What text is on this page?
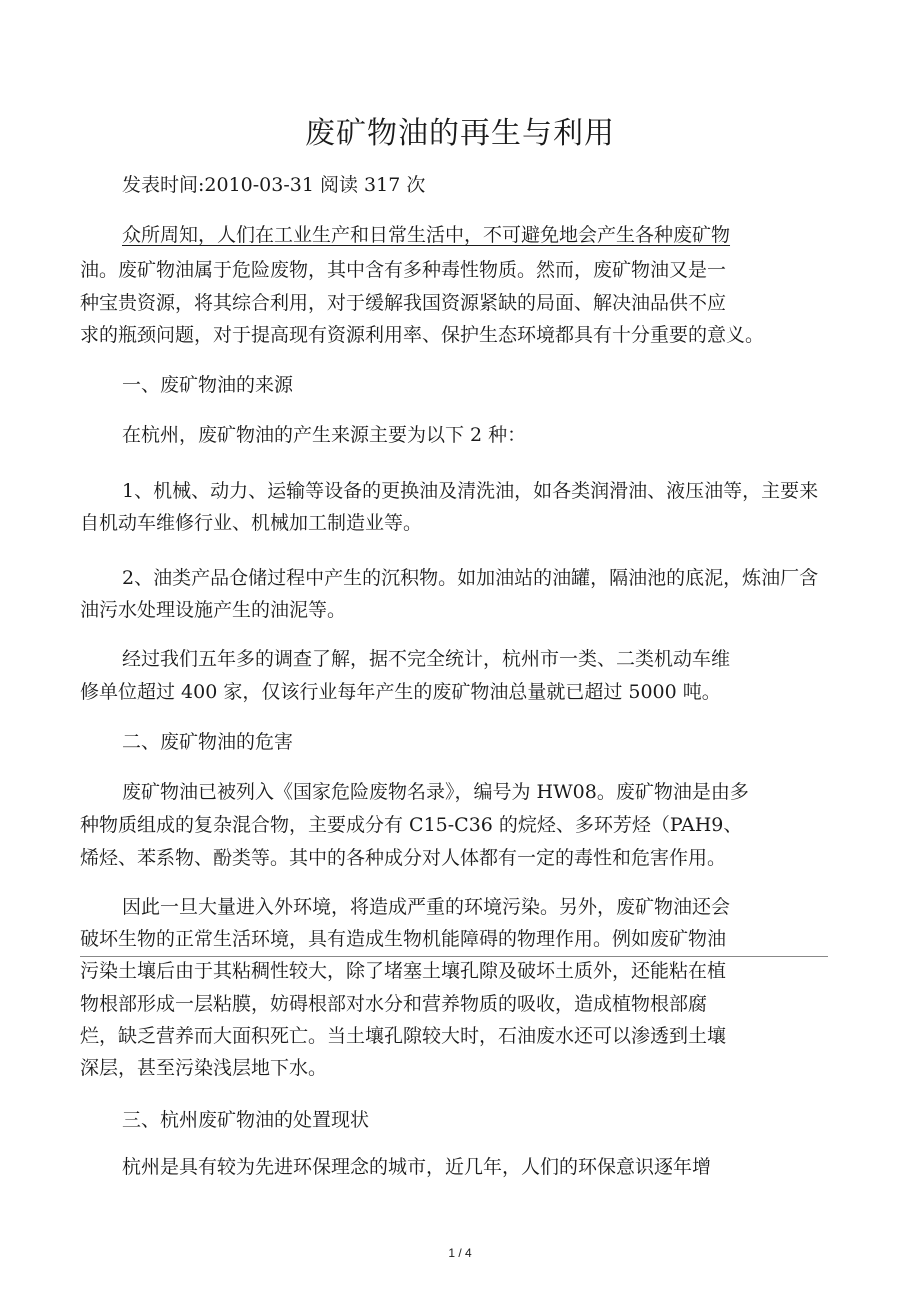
废矿物油的再生与利用
发表时间:2010-03-31 阅读 317 次
众所周知，人们在工业生产和日常生活中，不可避免地会产生各种废矿物
油。废矿物油属于危险废物，其中含有多种毒性物质。然而，废矿物油又是一
种宝贵资源，将其综合利用，对于缓解我国资源紧缺的局面、解决油品供不应
求的瓶颈问题，对于提高现有资源利用率、保护生态环境都具有十分重要的意义。
一、废矿物油的来源
在杭州，废矿物油的产生来源主要为以下 2 种：
1、机械、动力、运输等设备的更换油及清洗油，如各类润滑油、液压油等，主要来
自机动车维修行业、机械加工制造业等。
2、油类产品仓储过程中产生的沉积物。如加油站的油罐，隔油池的底泥，炼油厂含
油污水处理设施产生的油泥等。
经过我们五年多的调查了解，据不完全统计，杭州市一类、二类机动车维
修单位超过 400 家，仅该行业每年产生的废矿物油总量就已超过 5000 吨。
二、废矿物油的危害
废矿物油已被列入《国家危险废物名录》，编号为 HW08。废矿物油是由多
种物质组成的复杂混合物，主要成分有 C15-C36 的烷烃、多环芳烃（PAH9、
烯烃、苯系物、酚类等。其中的各种成分对人体都有一定的毒性和危害作用。
因此一旦大量进入外环境，将造成严重的环境污染。另外，废矿物油还会
破坏生物的正常生活环境，具有造成生物机能障碍的物理作用。例如废矿物油
污染土壤后由于其粘稠性较大，除了堵塞土壤孔隙及破坏土质外，还能粘在植
物根部形成一层粘膜，妨碍根部对水分和营养物质的吸收，造成植物根部腐
烂，缺乏营养而大面积死亡。当土壤孔隙较大时，石油废水还可以渗透到土壤
深层，甚至污染浅层地下水。
三、杭州废矿物油的处置现状
杭州是具有较为先进环保理念的城市，近几年，人们的环保意识逐年增
1 / 4
